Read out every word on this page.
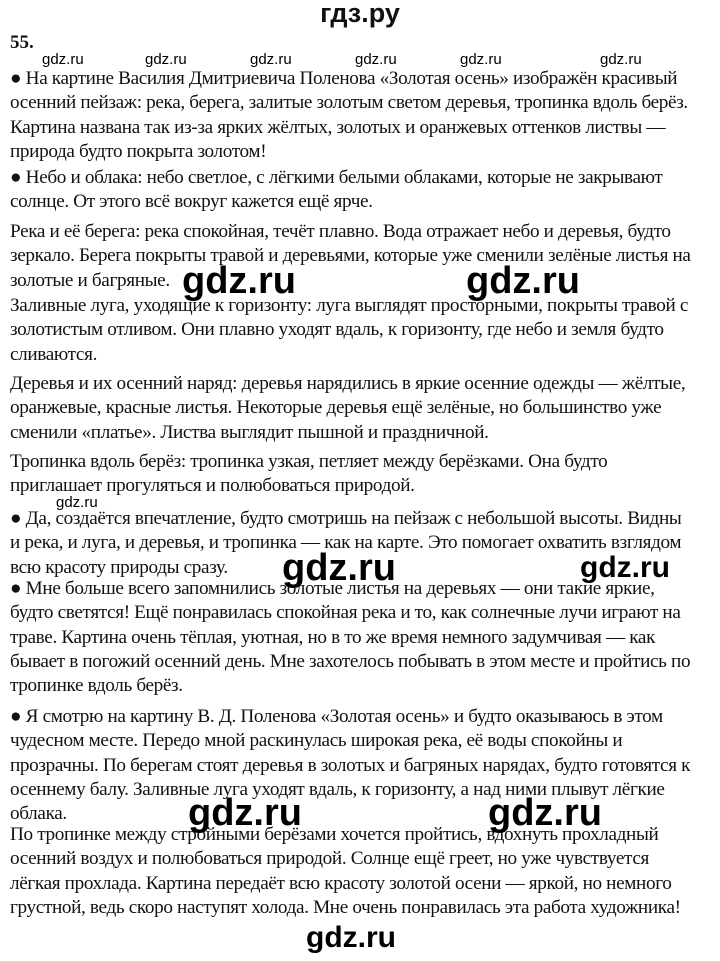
гдз.ру
55.
● На картине Василия Дмитриевича Поленова «Золотая осень» изображён красивый
осенний пейзаж: река, берега, залитые золотым светом деревья, тропинка вдоль берёз.
Картина названа так из-за ярких жёлтых, золотых и оранжевых оттенков листвы —
природа будто покрыта золотом!
● Небо и облака: небо светлое, с лёгкими белыми облаками, которые не закрывают
солнце. От этого всё вокруг кажется ещё ярче.
Река и её берега: река спокойная, течёт плавно. Вода отражает небо и деревья, будто
зеркало. Берега покрыты травой и деревьями, которые уже сменили зелёные листья на
золотые и багряные.
Заливные луга, уходящие к горизонту: луга выглядят просторными, покрыты травой с
золотистым отливом. Они плавно уходят вдаль, к горизонту, где небо и земля будто
сливаются.
Деревья и их осенний наряд: деревья нарядились в яркие осенние одежды — жёлтые,
оранжевые, красные листья. Некоторые деревья ещё зелёные, но большинство уже
сменили «платье». Листва выглядит пышной и праздничной.
Тропинка вдоль берёз: тропинка узкая, петляет между берёзками. Она будто
приглашает прогуляться и полюбоваться природой.
● Да, создаётся впечатление, будто смотришь на пейзаж с небольшой высоты. Видны
и река, и луга, и деревья, и тропинка — как на карте. Это помогает охватить взглядом
всю красоту природы сразу.
● Мне больше всего запомнились золотые листья на деревьях — они такие яркие,
будто светятся! Ещё понравилась спокойная река и то, как солнечные лучи играют на
траве. Картина очень тёплая, уютная, но в то же время немного задумчивая — как
бывает в погожий осенний день. Мне захотелось побывать в этом месте и пройтись по
тропинке вдоль берёз.
● Я смотрю на картину В. Д. Поленова «Золотая осень» и будто оказываюсь в этом
чудесном месте. Передо мной раскинулась широкая река, её воды спокойны и
прозрачны. По берегам стоят деревья в золотых и багряных нарядах, будто готовятся к
осеннему балу. Заливные луга уходят вдаль, к горизонту, а над ними плывут лёгкие
облака.
По тропинке между стройными берёзами хочется пройтись, вдохнуть прохладный
осенний воздух и полюбоваться природой. Солнце ещё греет, но уже чувствуется
лёгкая прохлада. Картина передаёт всю красоту золотой осени — яркой, но немного
грустной, ведь скоро наступят холода. Мне очень понравилась эта работа художника!
gdz.ru	gdz.ru	gdz.ru	gdz.ru	gdz.ru	gdz.ru
gdz.ru	gdz.ru
gdz.ru
gdz.ru	gdz.ru
gdz.ru	gdz.ru
gdz.ru
